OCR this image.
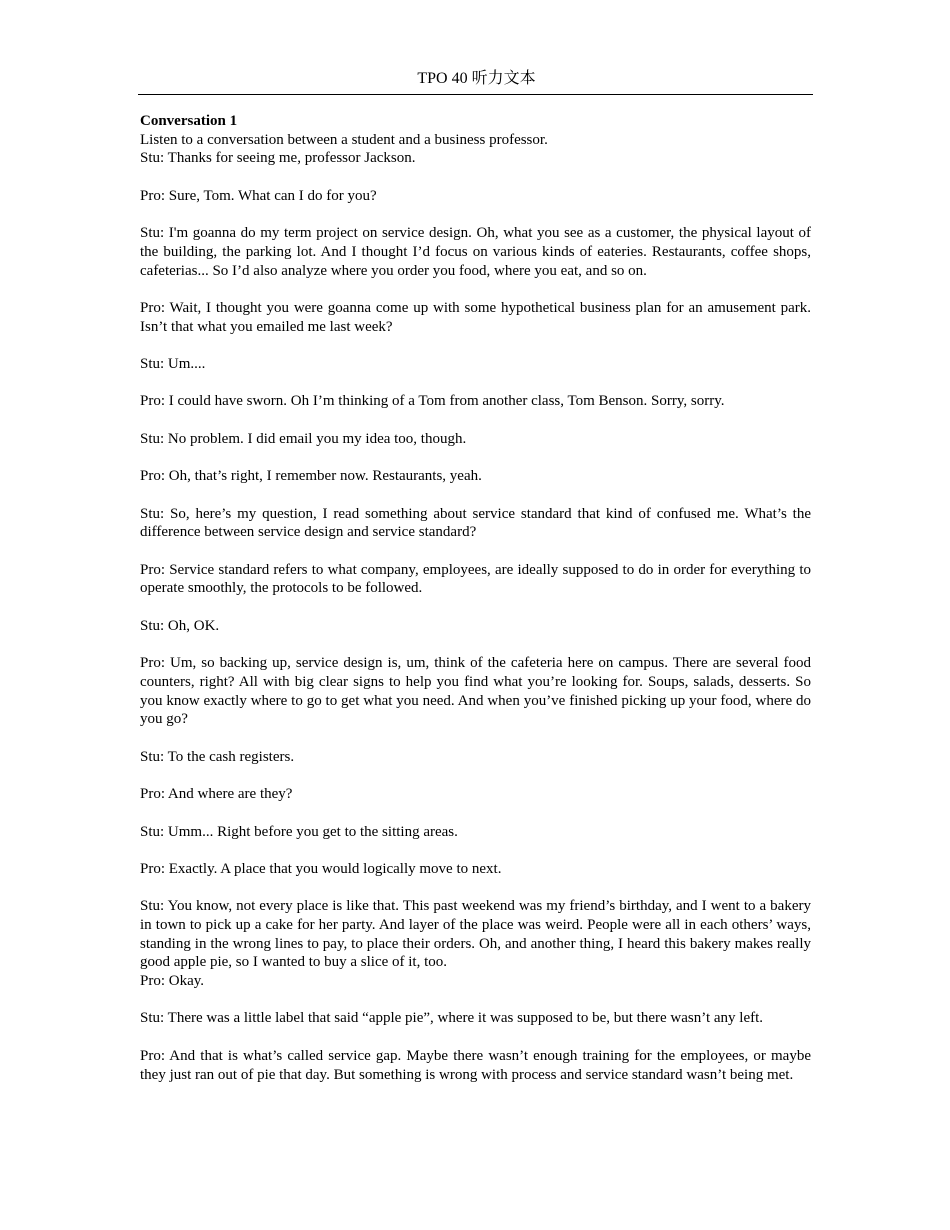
TPO 40 听力文本

Conversation 1

Listen to a conversation between a student and a business professor.

Stu: Thanks for seeing me, professor Jackson.

Pro: Sure, Tom. What can I do for you?

Stu: I'm goanna do my term project on service design. Oh, what you see as a customer, the physical layout of the building, the parking lot. And I thought I’d focus on various kinds of eateries. Restaurants, coffee shops, cafeterias... So I’d also analyze where you order you food, where you eat, and so on.

Pro: Wait, I thought you were goanna come up with some hypothetical business plan for an amusement park. Isn’t that what you emailed me last week?

Stu: Um....

Pro: I could have sworn. Oh I’m thinking of a Tom from another class, Tom Benson. Sorry, sorry.

Stu: No problem. I did email you my idea too, though.

Pro: Oh, that’s right, I remember now. Restaurants, yeah.

Stu: So, here’s my question, I read something about service standard that kind of confused me. What’s the difference between service design and service standard?

Pro: Service standard refers to what company, employees, are ideally supposed to do in order for everything to operate smoothly, the protocols to be followed.

Stu: Oh, OK.

Pro: Um, so backing up, service design is, um, think of the cafeteria here on campus. There are several food counters, right? All with big clear signs to help you find what you’re looking for. Soups, salads, desserts. So you know exactly where to go to get what you need. And when you’ve finished picking up your food, where do you go?

Stu: To the cash registers.

Pro: And where are they?

Stu: Umm... Right before you get to the sitting areas.

Pro: Exactly. A place that you would logically move to next.

Stu: You know, not every place is like that. This past weekend was my friend’s birthday, and I went to a bakery in town to pick up a cake for her party. And layer of the place was weird. People were all in each others’ ways, standing in the wrong lines to pay, to place their orders. Oh, and another thing, I heard this bakery makes really good apple pie, so I wanted to buy a slice of it, too.

Pro: Okay.

Stu: There was a little label that said “apple pie”, where it was supposed to be, but there wasn’t any left.

Pro: And that is what’s called service gap. Maybe there wasn’t enough training for the employees, or maybe they just ran out of pie that day. But something is wrong with process and service standard wasn’t being met.
